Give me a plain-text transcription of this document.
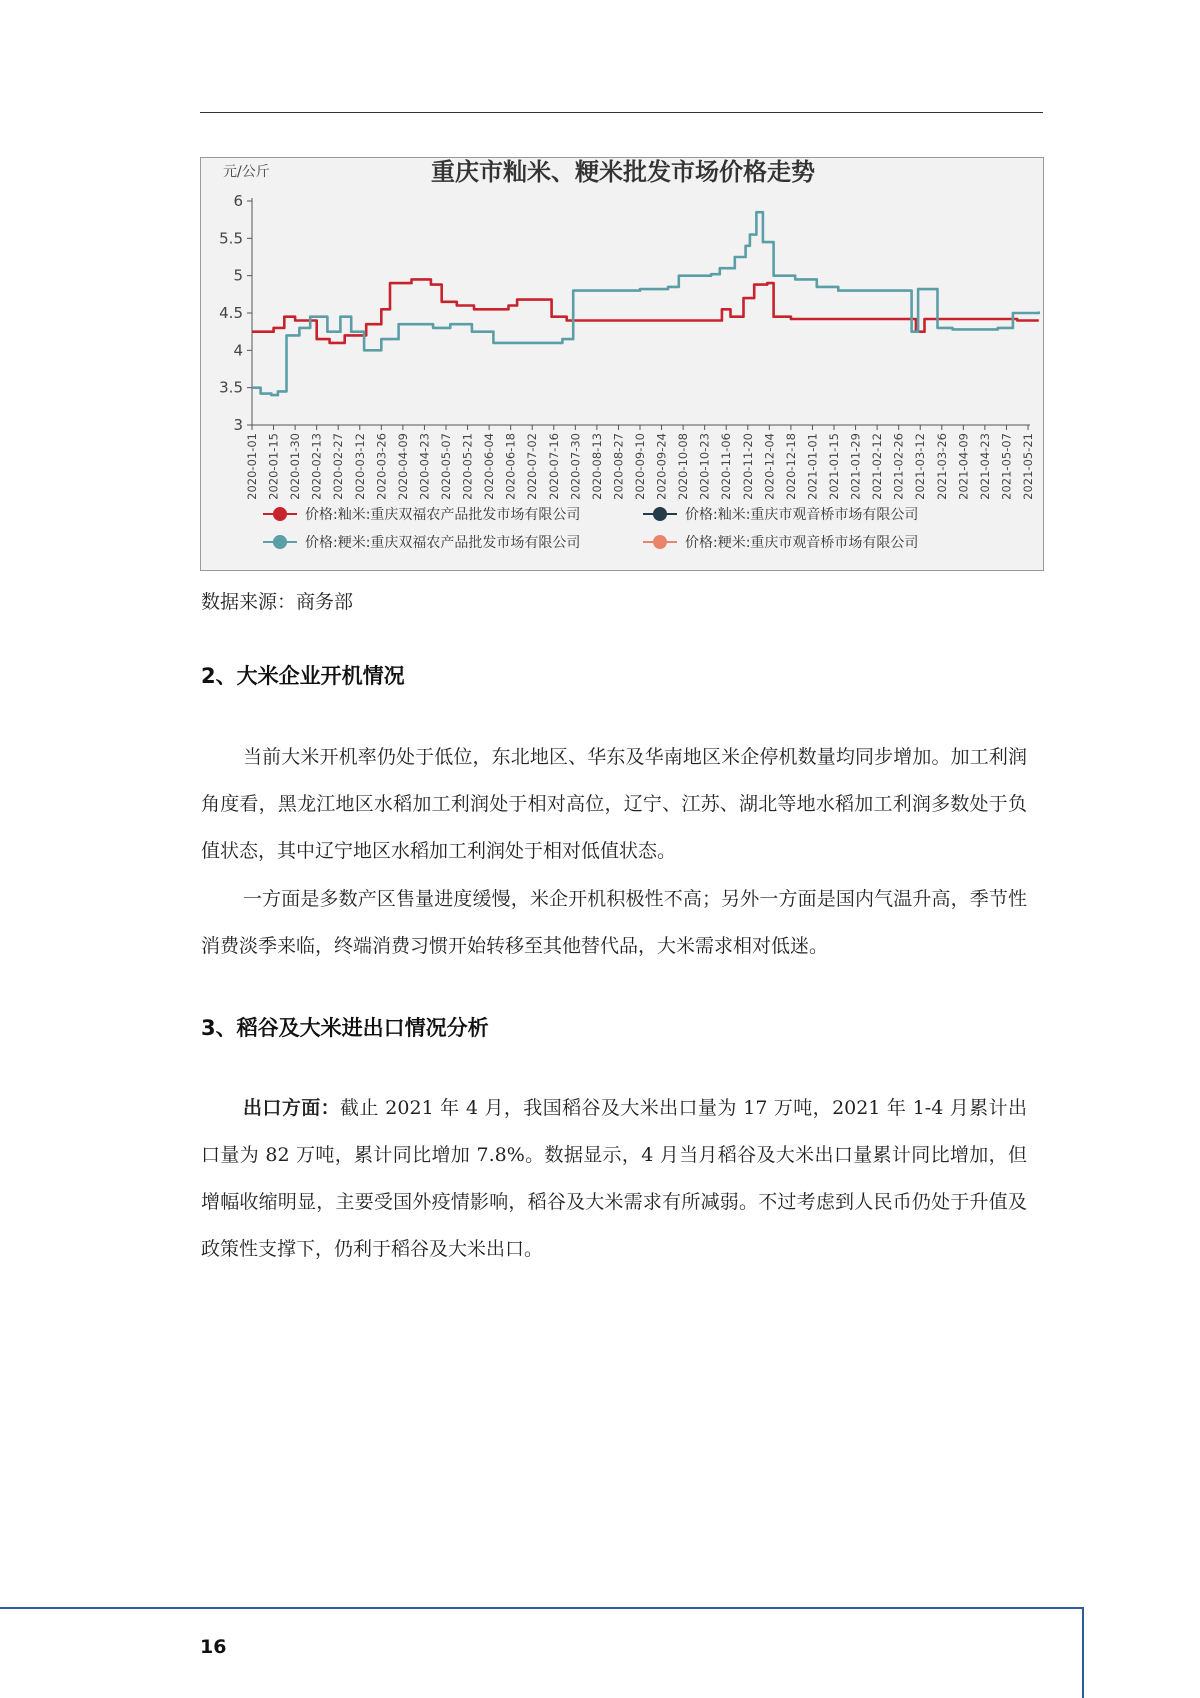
重庆市籼米、粳米批发市场价格走势
元/公斤
6
5.5
5
4.5
4
3.5
3
2020-01-01 2020-01-15 2020-01-30 2020-02-13 2020-02-27 2020-03-12 2020-03-26 2020-04-09 2020-04-23 2020-05-07 2020-05-21 2020-06-04 2020-06-18 2020-07-02 2020-07-16 2020-07-30 2020-08-13 2020-08-27 2020-09-10 2020-09-24 2020-10-08 2020-10-23 2020-11-06 2020-11-20 2020-12-04 2020-12-18 2021-01-01 2021-01-15 2021-01-29 2021-02-12 2021-02-26 2021-03-12 2021-03-26 2021-04-09 2021-04-23 2021-05-07 2021-05-21
价格:籼米:重庆双福农产品批发市场有限公司
价格:粳米:重庆双福农产品批发市场有限公司
价格:籼米:重庆市观音桥市场有限公司
价格:粳米:重庆市观音桥市场有限公司
数据来源：商务部
2、大米企业开机情况

当前大米开机率仍处于低位，东北地区、华东及华南地区米企停机数量均同步增加。加工利润角度看，黑龙江地区水稻加工利润处于相对高位，辽宁、江苏、湖北等地水稻加工利润多数处于负值状态，其中辽宁地区水稻加工利润处于相对低值状态。

一方面是多数产区售量进度缓慢，米企开机积极性不高；另外一方面是国内气温升高，季节性消费淡季来临，终端消费习惯开始转移至其他替代品，大米需求相对低迷。

3、稻谷及大米进出口情况分析

出口方面：截止 2021 年 4 月，我国稻谷及大米出口量为 17 万吨，2021 年 1-4 月累计出口量为 82 万吨，累计同比增加 7.8%。数据显示，4 月当月稻谷及大米出口量累计同比增加，但增幅收缩明显，主要受国外疫情影响，稻谷及大米需求有所减弱。不过考虑到人民币仍处于升值及政策性支撑下，仍利于稻谷及大米出口。

16
